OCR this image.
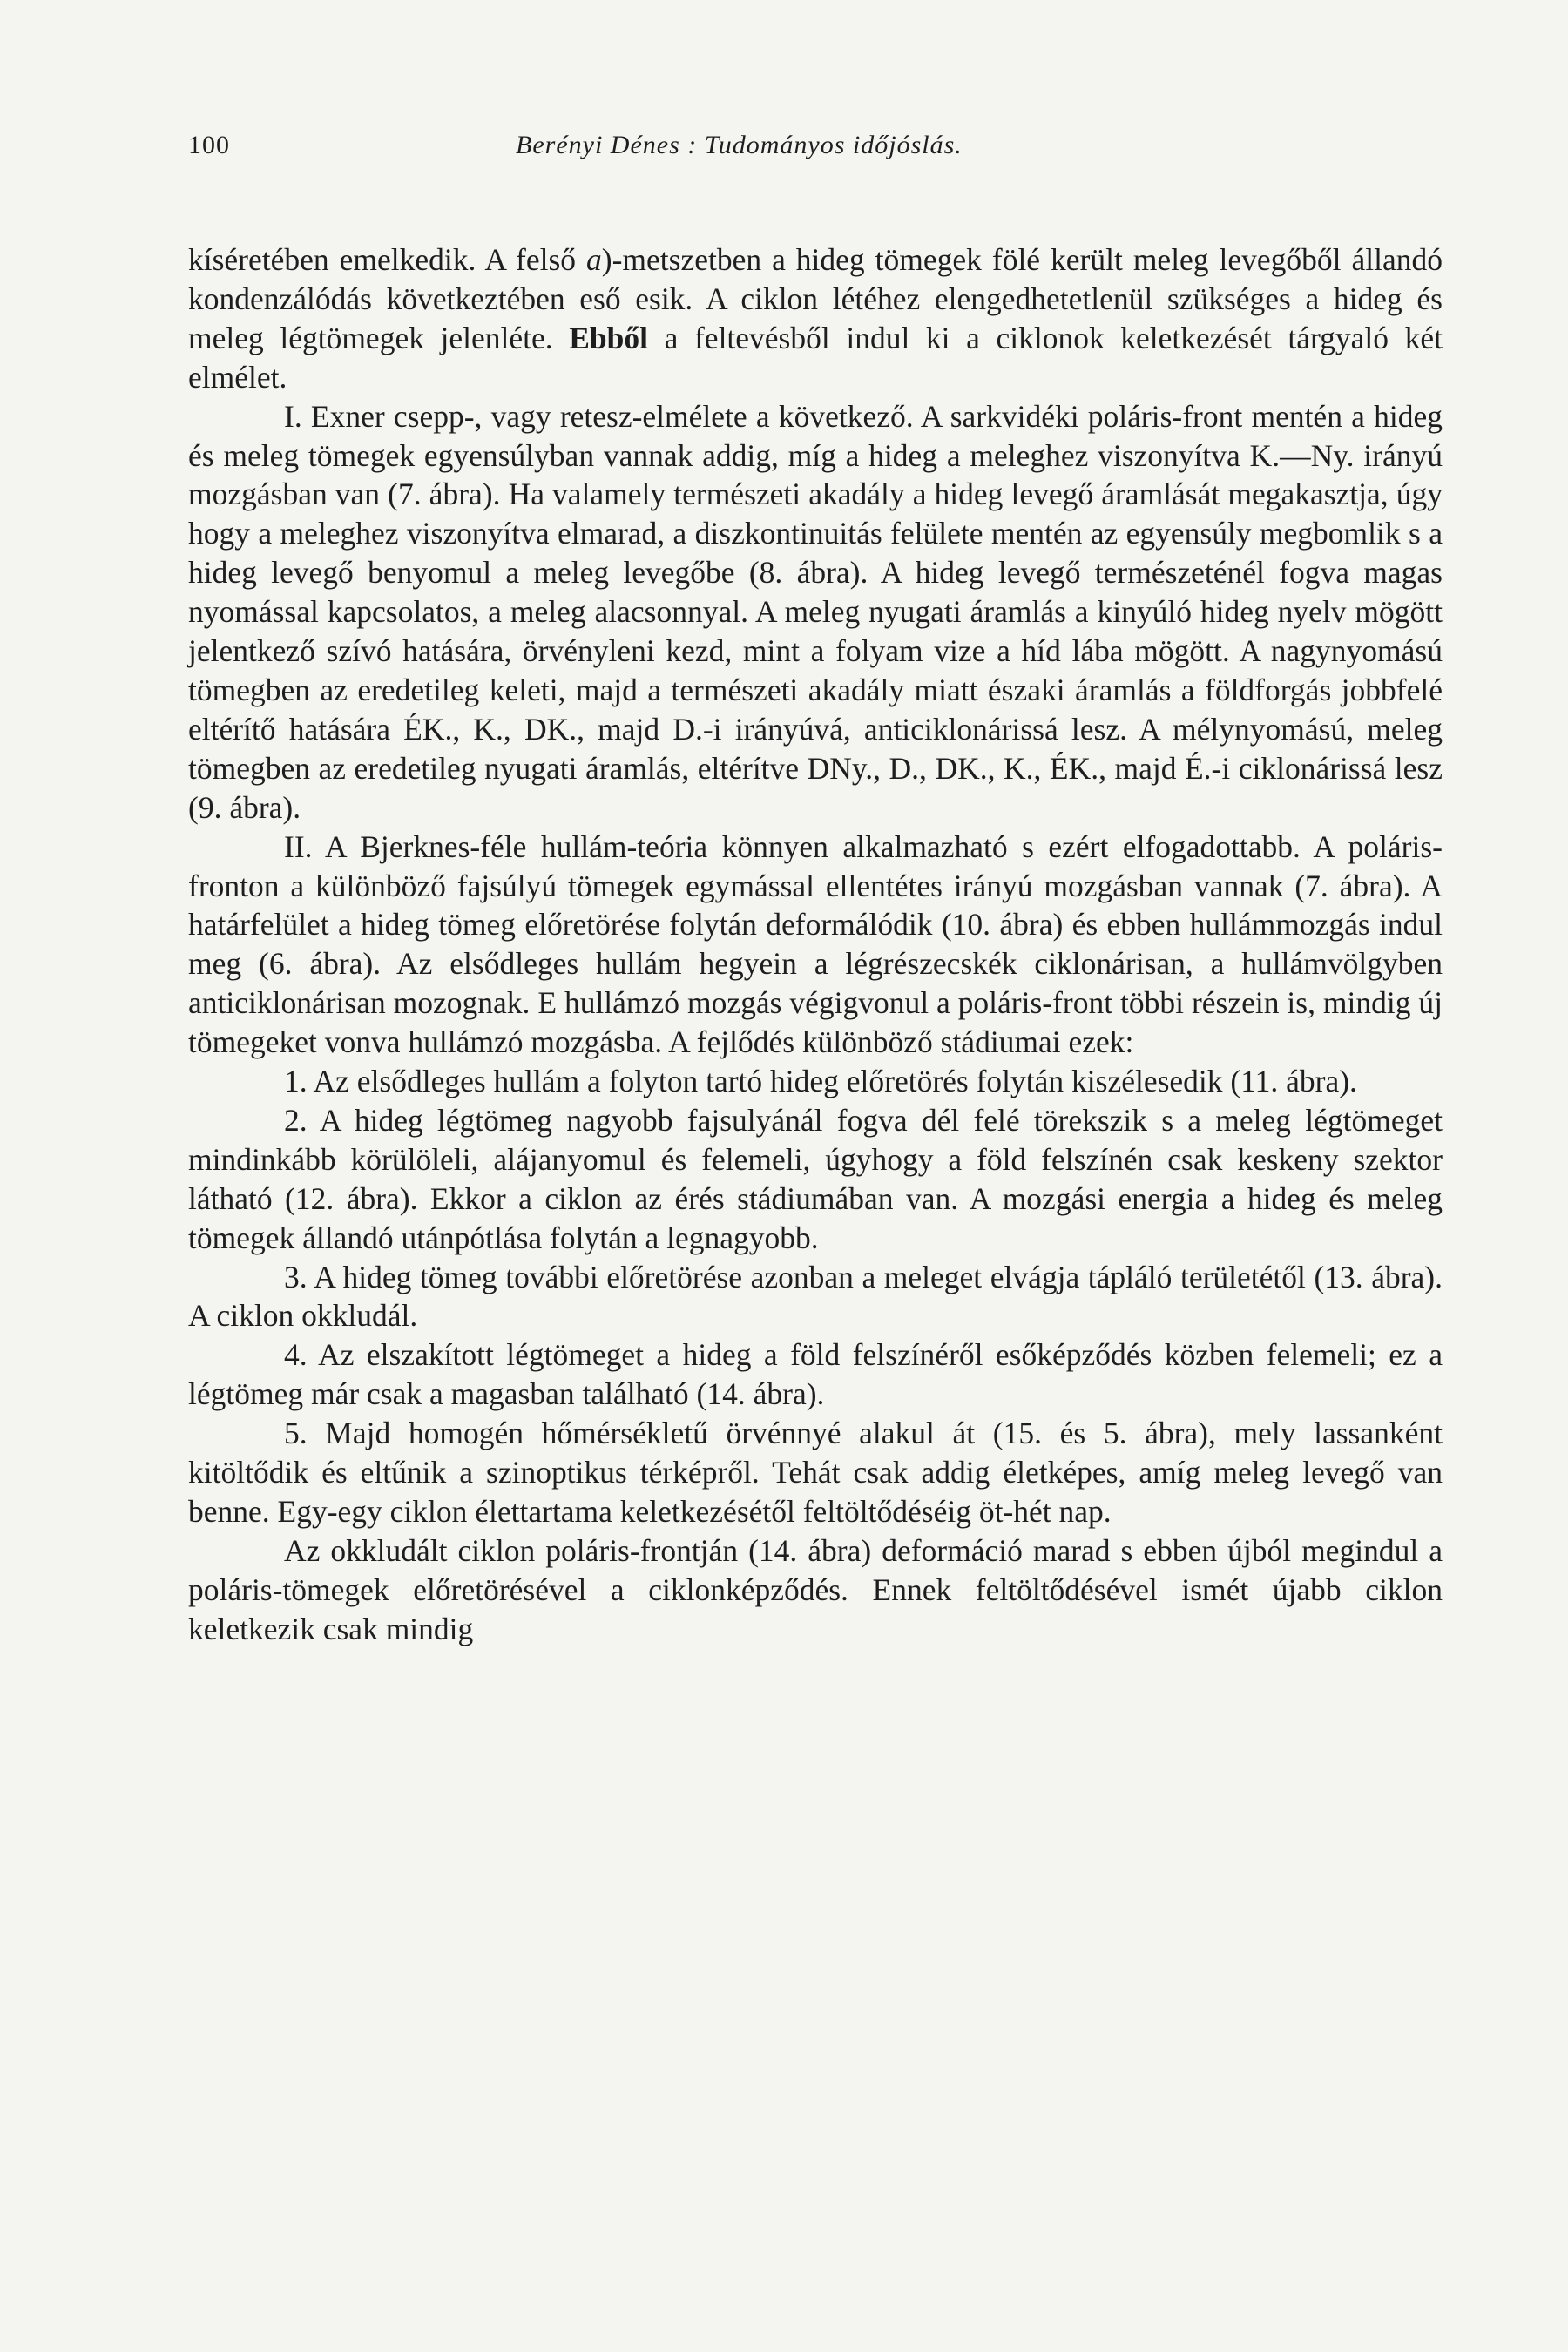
100	Berényi Dénes : Tudományos időjóslás.

kíséretében emelkedik. A felső a)-metszetben a hideg tömegek fölé került meleg levegőből állandó kondenzálódás következtében eső esik. A ciklon létéhez elengedhetetlenül szükséges a hideg és meleg légtömegek jelenléte. Ebből a feltevésből indul ki a ciklonok keletkezését tárgyaló két elmélet.

I. Exner csepp-, vagy retesz-elmélete a következő. A sarkvidéki poláris-front mentén a hideg és meleg tömegek egyensúlyban vannak addig, míg a hideg a meleghez viszonyítva K.—Ny. irányú mozgásban van (7. ábra). Ha valamely természeti akadály a hideg levegő áramlását megakasztja, úgy hogy a meleghez viszonyítva elmarad, a diszkontinuitás felülete mentén az egyensúly megbomlik s a hideg levegő benyomul a meleg levegőbe (8. ábra). A hideg levegő természeténél fogva magas nyomással kapcsolatos, a meleg alacsonnyal. A meleg nyugati áramlás a kinyúló hideg nyelv mögött jelentkező szívó hatására, örvényleni kezd, mint a folyam vize a híd lába mögött. A nagynyomású tömegben az eredetileg keleti, majd a természeti akadály miatt északi áramlás a földforgás jobbfelé eltérítő hatására ÉK., K., DK., majd D.-i irányúvá, anticiklonárissá lesz. A mélynyomású, meleg tömegben az eredetileg nyugati áramlás, eltérítve DNy., D., DK., K., ÉK., majd É.-i ciklonárissá lesz (9. ábra).

II. A Bjerknes-féle hullám-teória könnyen alkalmazható s ezért elfogadottabb. A poláris-fronton a különböző fajsúlyú tömegek egymással ellentétes irányú mozgásban vannak (7. ábra). A határfelület a hideg tömeg előretörése folytán deformálódik (10. ábra) és ebben hullámmozgás indul meg (6. ábra). Az elsődleges hullám hegyein a légrészecskék ciklonárisan, a hullámvölgyben anticiklonárisan mozognak. E hullámzó mozgás végigvonul a poláris-front többi részein is, mindig új tömegeket vonva hullámzó mozgásba. A fejlődés különböző stádiumai ezek:

1. Az elsődleges hullám a folyton tartó hideg előretörés folytán kiszélesedik (11. ábra).

2. A hideg légtömeg nagyobb fajsulyánál fogva dél felé törekszik s a meleg légtömeget mindinkább körülöleli, alájanyomul és felemeli, úgyhogy a föld felszínén csak keskeny szektor látható (12. ábra). Ekkor a ciklon az érés stádiumában van. A mozgási energia a hideg és meleg tömegek állandó utánpótlása folytán a legnagyobb.

3. A hideg tömeg további előretörése azonban a meleget elvágja tápláló területétől (13. ábra). A ciklon okkludál.

4. Az elszakított légtömeget a hideg a föld felszínéről esőképződés közben felemeli; ez a légtömeg már csak a magasban található (14. ábra).

5. Majd homogén hőmérsékletű örvénnyé alakul át (15. és 5. ábra), mely lassanként kitöltődik és eltűnik a szinoptikus térképről. Tehát csak addig életképes, amíg meleg levegő van benne. Egy-egy ciklon élettartama keletkezésétől feltöltődéséig öt-hét nap.

Az okkludált ciklon poláris-frontján (14. ábra) deformáció marad s ebben újból megindul a poláris-tömegek előretörésével a ciklonképződés. Ennek feltöltődésével ismét újabb ciklon keletkezik csak mindig
